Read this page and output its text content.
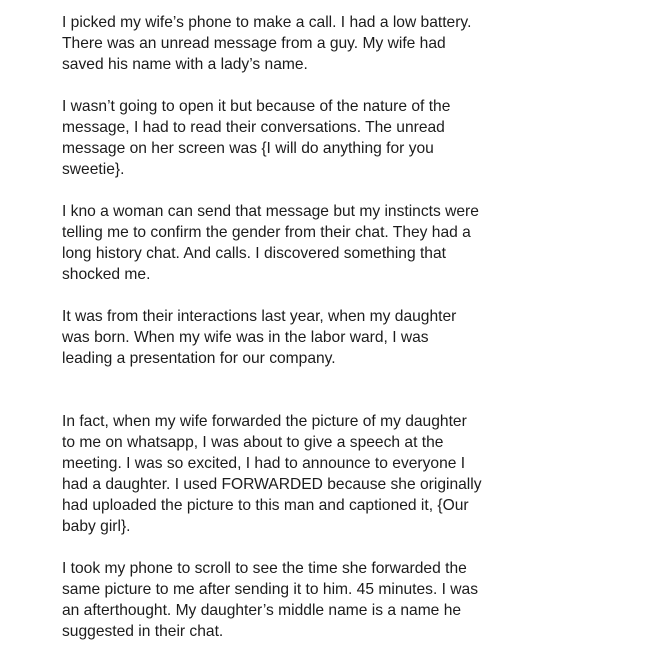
I picked my wife’s phone to make a call. I had a low battery.
There was an unread message from a guy. My wife had
saved his name with a lady’s name.

I wasn’t going to open it but because of the nature of the
message, I had to read their conversations. The unread
message on her screen was {I will do anything for you
sweetie}.

I kno a woman can send that message but my instincts were
telling me to confirm the gender from their chat. They had a
long history chat. And calls. I discovered something that
shocked me.

It was from their interactions last year, when my daughter
was born. When my wife was in the labor ward, I was
leading a presentation for our company.

In fact, when my wife forwarded the picture of my daughter
to me on whatsapp, I was about to give a speech at the
meeting. I was so excited, I had to announce to everyone I
had a daughter. I used FORWARDED because she originally
had uploaded the picture to this man and captioned it, {Our
baby girl}.

I took my phone to scroll to see the time she forwarded the
same picture to me after sending it to him. 45 minutes. I was
an afterthought. My daughter’s middle name is a name he
suggested in their chat.
